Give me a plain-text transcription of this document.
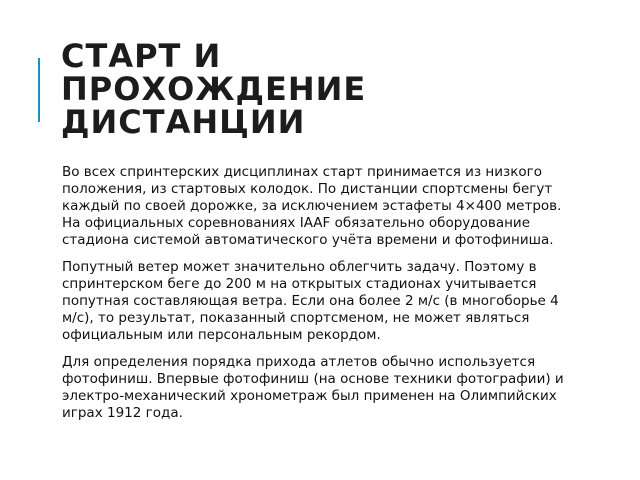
СТАРТ И
ПРОХОЖДЕНИЕ
ДИСТАНЦИИ

Во всех спринтерских дисциплинах старт принимается из низкого положения, из стартовых колодок. По дистанции спортсмены бегут каждый по своей дорожке, за исключением эстафеты 4×400 метров. На официальных соревнованиях IAAF обязательно оборудование стадиона системой автоматического учёта времени и фотофиниша.

Попутный ветер может значительно облегчить задачу. Поэтому в спринтерском беге до 200 м на открытых стадионах учитывается попутная составляющая ветра. Если она более 2 м/с (в многоборье 4 м/с), то результат, показанный спортсменом, не может являться официальным или персональным рекордом.

Для определения порядка прихода атлетов обычно используется фотофиниш. Впервые фотофиниш (на основе техники фотографии) и электро-механический хронометраж был применен на Олимпийских играх 1912 года.
